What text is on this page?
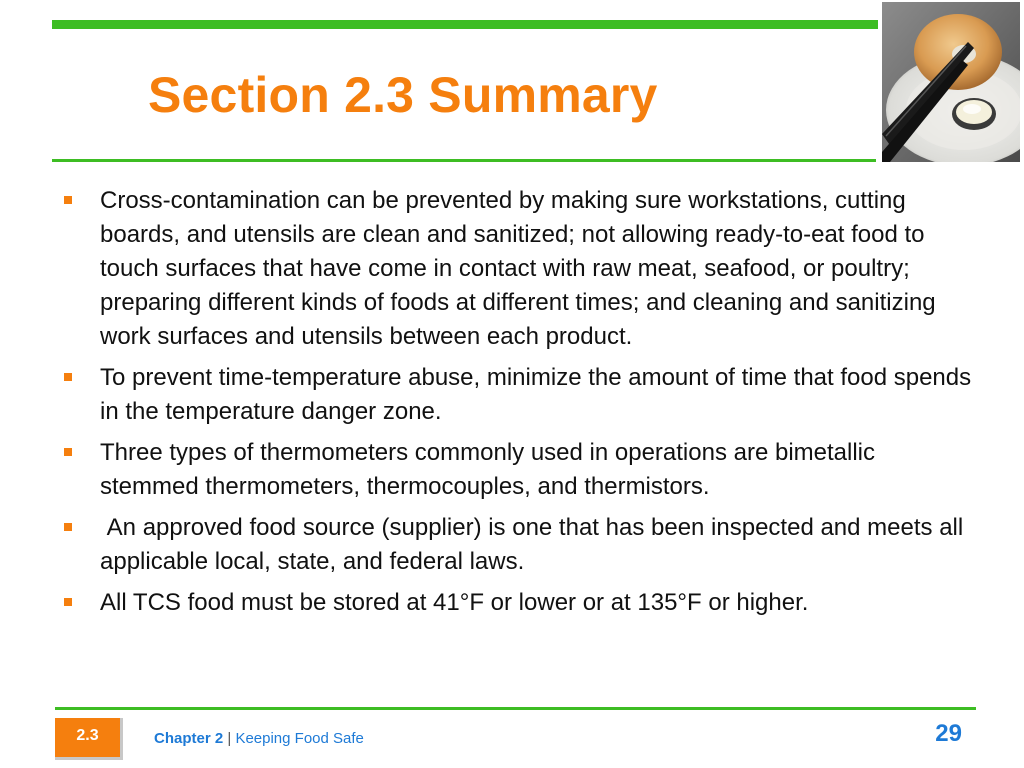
Section 2.3 Summary
Cross-contamination can be prevented by making sure workstations, cutting boards, and utensils are clean and sanitized; not allowing ready-to-eat food to touch surfaces that have come in contact with raw meat, seafood, or poultry; preparing different kinds of foods at different times; and cleaning and sanitizing work surfaces and utensils between each product.
To prevent time-temperature abuse, minimize the amount of time that food spends in the temperature danger zone.
Three types of thermometers commonly used in operations are bimetallic stemmed thermometers, thermocouples, and thermistors.
An approved food source (supplier) is one that has been inspected and meets all applicable local, state, and federal laws.
All TCS food must be stored at 41°F or lower or at 135°F or higher.
2.3	Chapter 2 | Keeping Food Safe	29
